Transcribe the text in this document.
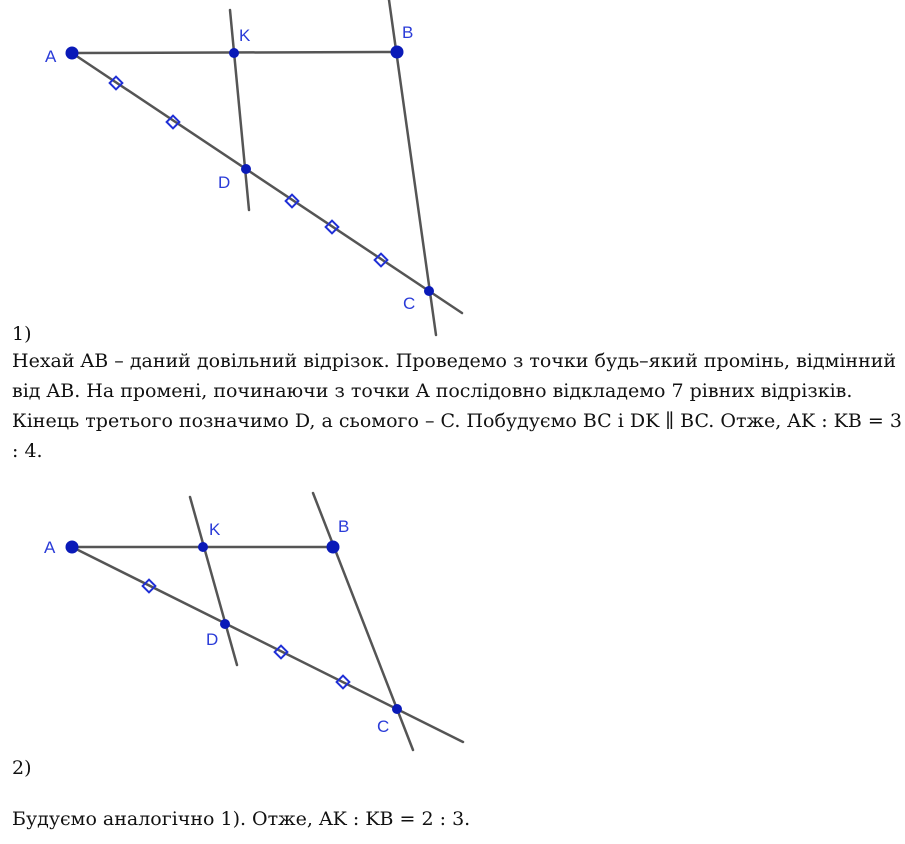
A
K	B
D
C

1)

Нехай AB – даний довільний відрізок. Проведемо з точки будь–який промінь, відмінний від AB. На промені, починаючи з точки A послідовно відкладемо 7 рівних відрізків. Кінець третього позначимо D, а сьомого – C. Побудуємо BC і DK ∥ BC. Отже, AK : KB = 3 : 4.

A
K	B
D
C

2)

Будуємо аналогічно 1). Отже, AK : KB = 2 : 3.
